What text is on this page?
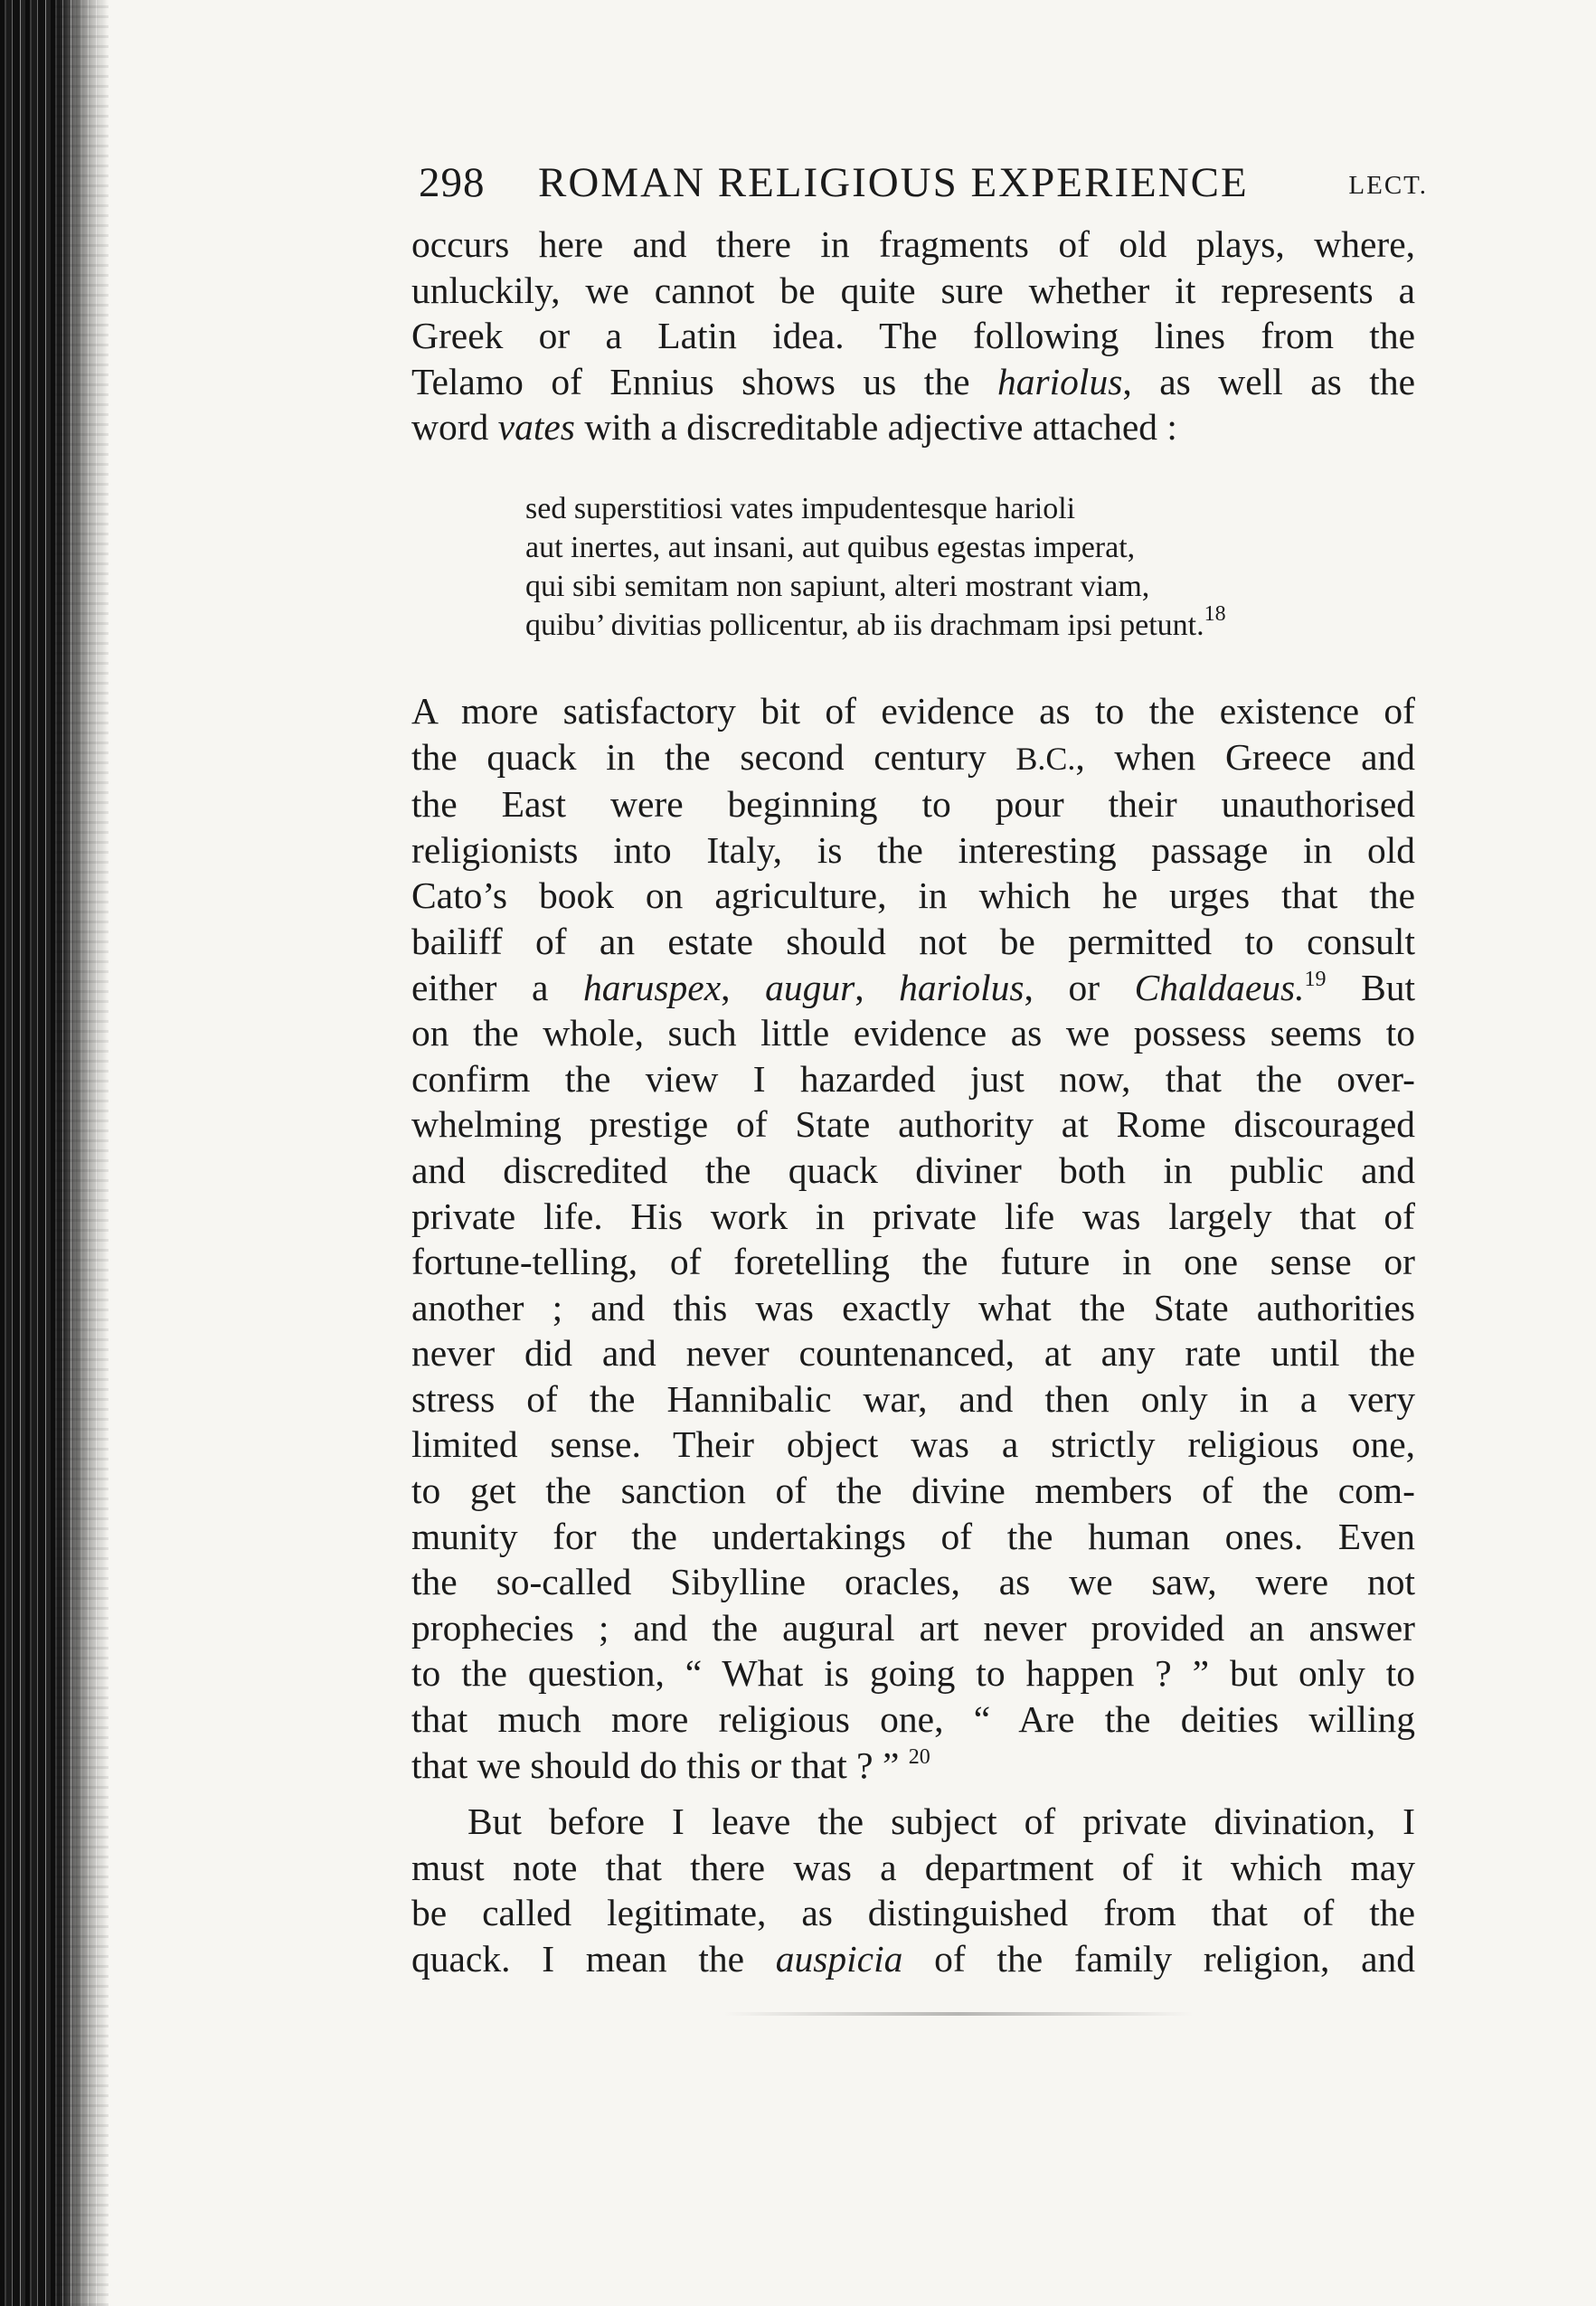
298 ROMAN RELIGIOUS EXPERIENCE	LECT.

occurs here and there in fragments of old plays, where,
unluckily, we cannot be quite sure whether it represents a
Greek or a Latin idea. The following lines from the
Telamo of Ennius shows us the hariolus, as well as the
word vates with a discreditable adjective attached :

sed superstitiosi vates impudentesque harioli
aut inertes, aut insani, aut quibus egestas imperat,
qui sibi semitam non sapiunt, alteri mostrant viam,
quibu’ divitias pollicentur, ab iis drachmam ipsi petunt.$^{18}$

A more satisfactory bit of evidence as to the existence of
the quack in the second century B.C., when Greece and
the East were beginning to pour their unauthorised
religionists into Italy, is the interesting passage in old
Cato’s book on agriculture, in which he urges that the
bailiff of an estate should not be permitted to consult
either a haruspex, augur, hariolus, or Chaldaeus.$^{19}$ But
on the whole, such little evidence as we possess seems to
confirm the view I hazarded just now, that the over-
whelming prestige of State authority at Rome discouraged
and discredited the quack diviner both in public and
private life. His work in private life was largely that of
fortune-telling, of foretelling the future in one sense or
another ; and this was exactly what the State authorities
never did and never countenanced, at any rate until the
stress of the Hannibalic war, and then only in a very
limited sense. Their object was a strictly religious one,
to get the sanction of the divine members of the com-
munity for the undertakings of the human ones. Even
the so-called Sibylline oracles, as we saw, were not
prophecies ; and the augural art never provided an answer
to the question, “ What is going to happen ? ” but only to
that much more religious one, “ Are the deities willing
that we should do this or that ? ” $^{20}$

But before I leave the subject of private divination, I
must note that there was a department of it which may
be called legitimate, as distinguished from that of the
quack. I mean the auspicia of the family religion, and
